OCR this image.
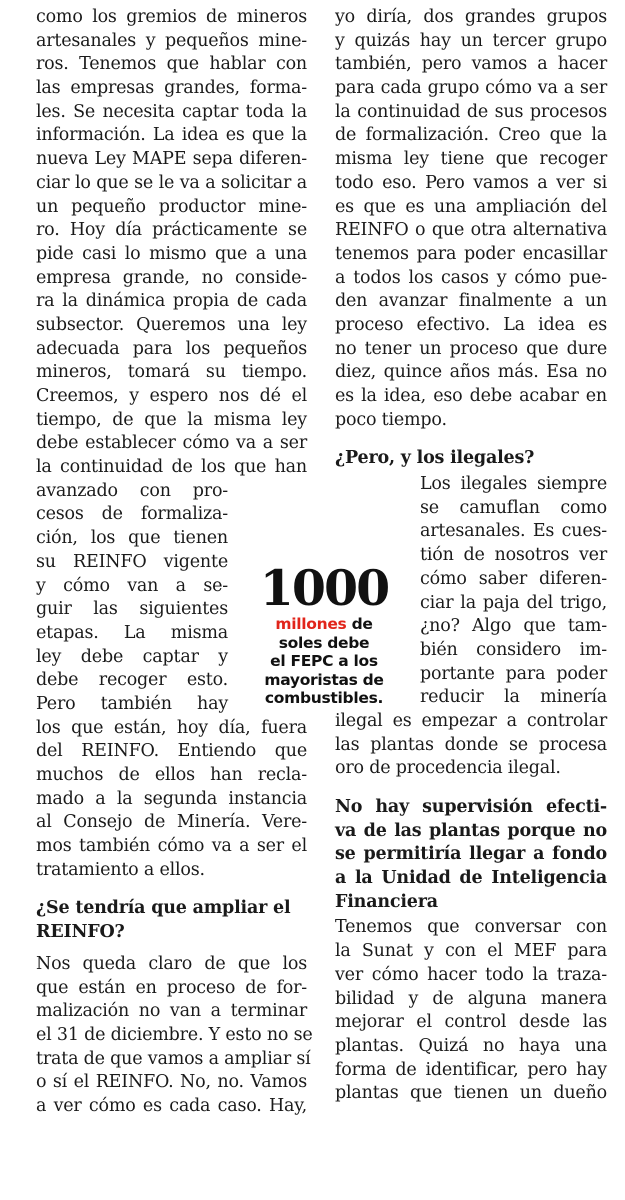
como los gremios de mineros
artesanales y pequeños mine-
ros. Tenemos que hablar con
las empresas grandes, forma-
les. Se necesita captar toda la
información. La idea es que la
nueva Ley MAPE sepa diferen-
ciar lo que se le va a solicitar a
un pequeño productor mine-
ro. Hoy día prácticamente se
pide casi lo mismo que a una
empresa grande, no conside-
ra la dinámica propia de cada
subsector. Queremos una ley
adecuada para los pequeños
mineros, tomará su tiempo.
Creemos, y espero nos dé el
tiempo, de que la misma ley
debe establecer cómo va a ser
la continuidad de los que han
avanzado con pro-
cesos de formaliza-
ción, los que tienen
su REINFO vigente
y cómo van a se-
guir las siguientes
etapas. La misma
ley debe captar y
debe recoger esto.
Pero también hay
los que están, hoy día, fuera
del REINFO. Entiendo que
muchos de ellos han recla-
mado a la segunda instancia
al Consejo de Minería. Vere-
mos también cómo va a ser el
tratamiento a ellos.
¿Se tendría que ampliar el
REINFO?
Nos queda claro de que los
que están en proceso de for-
malización no van a terminar
el 31 de diciembre. Y esto no se
trata de que vamos a ampliar sí
o sí el REINFO. No, no. Vamos
a ver cómo es cada caso. Hay,
yo diría, dos grandes grupos
y quizás hay un tercer grupo
también, pero vamos a hacer
para cada grupo cómo va a ser
la continuidad de sus procesos
de formalización. Creo que la
misma ley tiene que recoger
todo eso. Pero vamos a ver si
es que es una ampliación del
REINFO o que otra alternativa
tenemos para poder encasillar
a todos los casos y cómo pue-
den avanzar finalmente a un
proceso efectivo. La idea es
no tener un proceso que dure
diez, quince años más. Esa no
es la idea, eso debe acabar en
poco tiempo.
¿Pero, y los ilegales?
Los ilegales siempre
se camuflan como
artesanales. Es cues-
tión de nosotros ver
cómo saber diferen-
ciar la paja del trigo,
¿no? Algo que tam-
bién considero im-
portante para poder
reducir la minería
ilegal es empezar a controlar
las plantas donde se procesa
oro de procedencia ilegal.
No hay supervisión efecti-
va de las plantas porque no
se permitiría llegar a fondo
a la Unidad de Inteligencia
Financiera
Tenemos que conversar con
la Sunat y con el MEF para
ver cómo hacer todo la traza-
bilidad y de alguna manera
mejorar el control desde las
plantas. Quizá no haya una
forma de identificar, pero hay
plantas que tienen un dueño
1000
millones de
soles debe
el FEPC a los
mayoristas de
combustibles.
